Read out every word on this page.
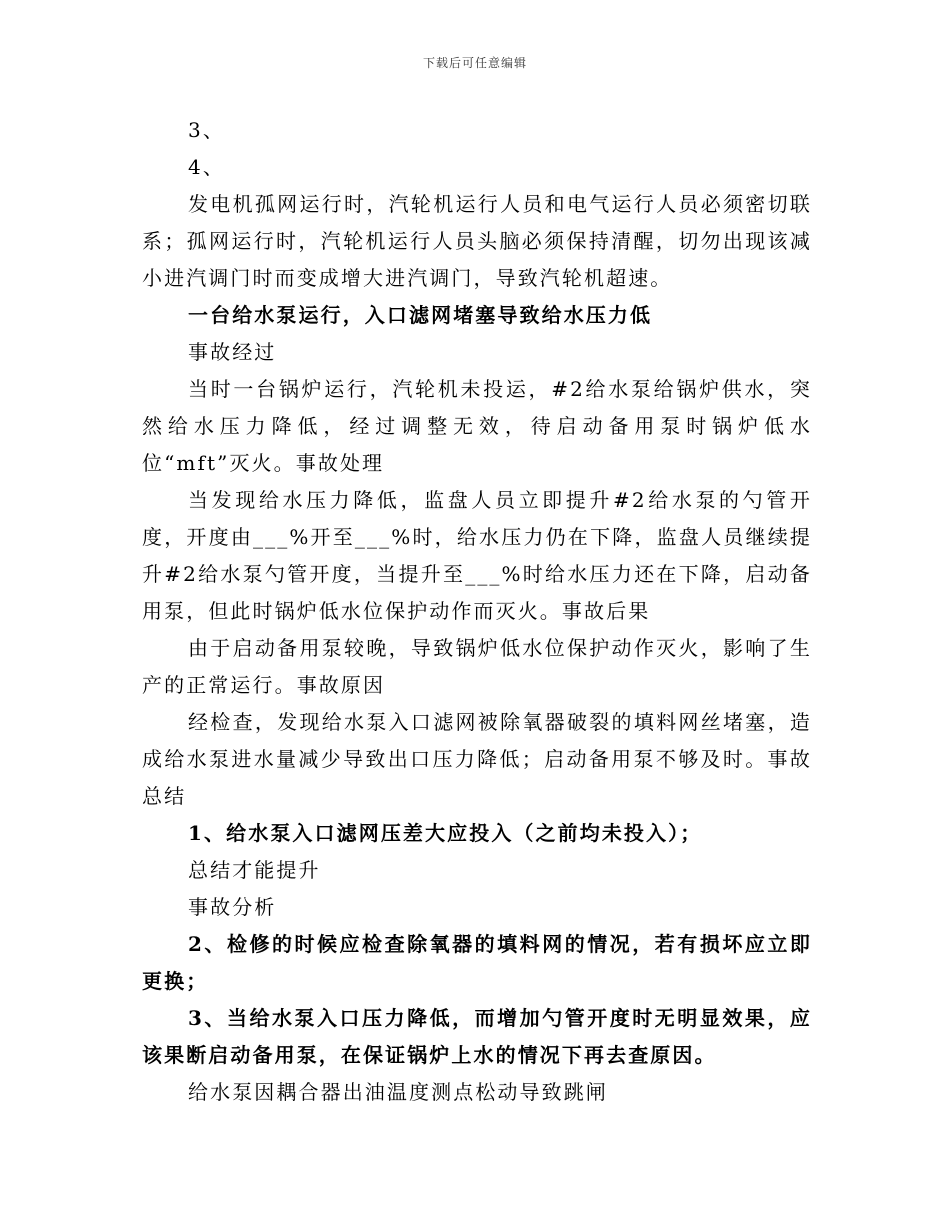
下载后可任意编辑

3、

4、

发电机孤网运行时，汽轮机运行人员和电气运行人员必须密切联系；孤网运行时，汽轮机运行人员头脑必须保持清醒，切勿出现该减小进汽调门时而变成增大进汽调门，导致汽轮机超速。

一台给水泵运行，入口滤网堵塞导致给水压力低

事故经过

当时一台锅炉运行，汽轮机未投运，#2给水泵给锅炉供水，突然给水压力降低，经过调整无效，待启动备用泵时锅炉低水位“mft”灭火。事故处理

当发现给水压力降低，监盘人员立即提升#2给水泵的勺管开度，开度由___%开至___%时，给水压力仍在下降，监盘人员继续提升#2给水泵勺管开度，当提升至___%时给水压力还在下降，启动备用泵，但此时锅炉低水位保护动作而灭火。事故后果

由于启动备用泵较晚，导致锅炉低水位保护动作灭火，影响了生产的正常运行。事故原因

经检查，发现给水泵入口滤网被除氧器破裂的填料网丝堵塞，造成给水泵进水量减少导致出口压力降低；启动备用泵不够及时。事故总结

1、给水泵入口滤网压差大应投入（之前均未投入）；

总结才能提升

事故分析

2、检修的时候应检查除氧器的填料网的情况，若有损坏应立即更换；

3、当给水泵入口压力降低，而增加勺管开度时无明显效果，应该果断启动备用泵，在保证锅炉上水的情况下再去查原因。

给水泵因耦合器出油温度测点松动导致跳闸
